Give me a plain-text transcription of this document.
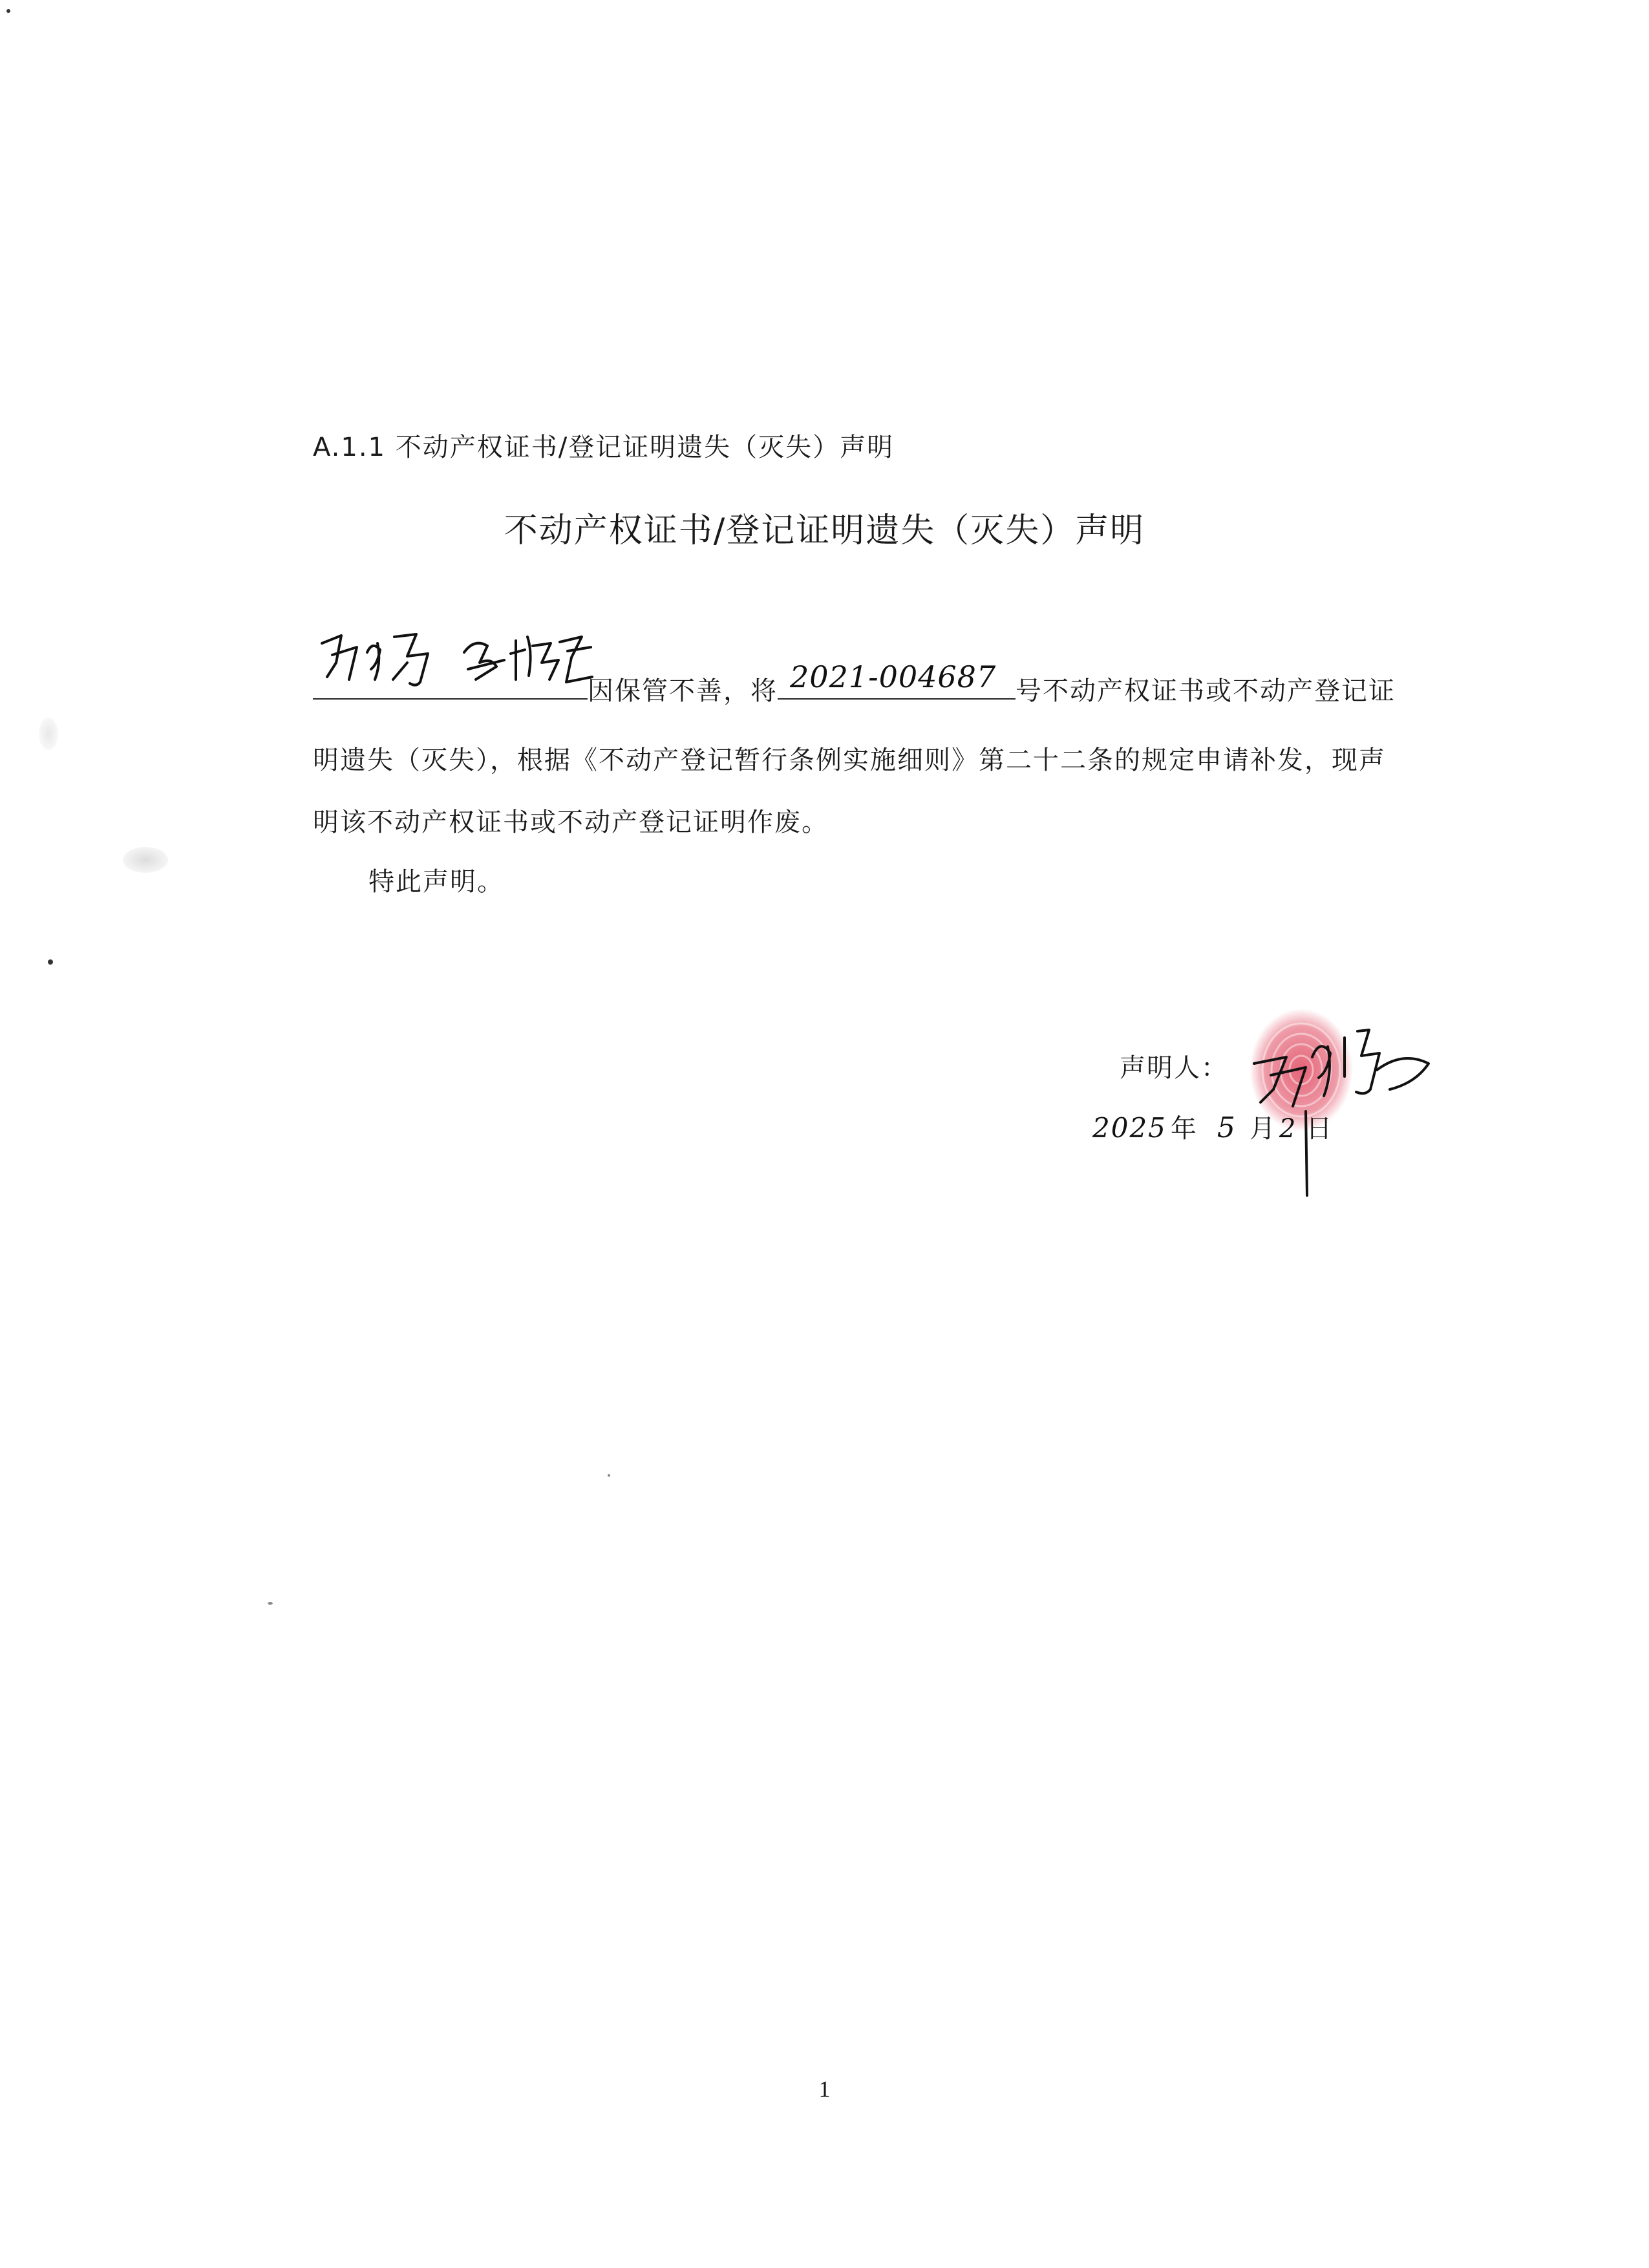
A.1.1 不动产权证书/登记证明遗失（灭失）声明
不动产权证书/登记证明遗失（灭失）声明
因保管不善，将	号不动产权证书或不动产登记证
2021-004687
明遗失（灭失），根据《不动产登记暂行条例实施细则》第二十二条的规定申请补发，现声
明该不动产权证书或不动产登记证明作废。
特此声明。
声明人：
2025 年 5 月 2 日
1
